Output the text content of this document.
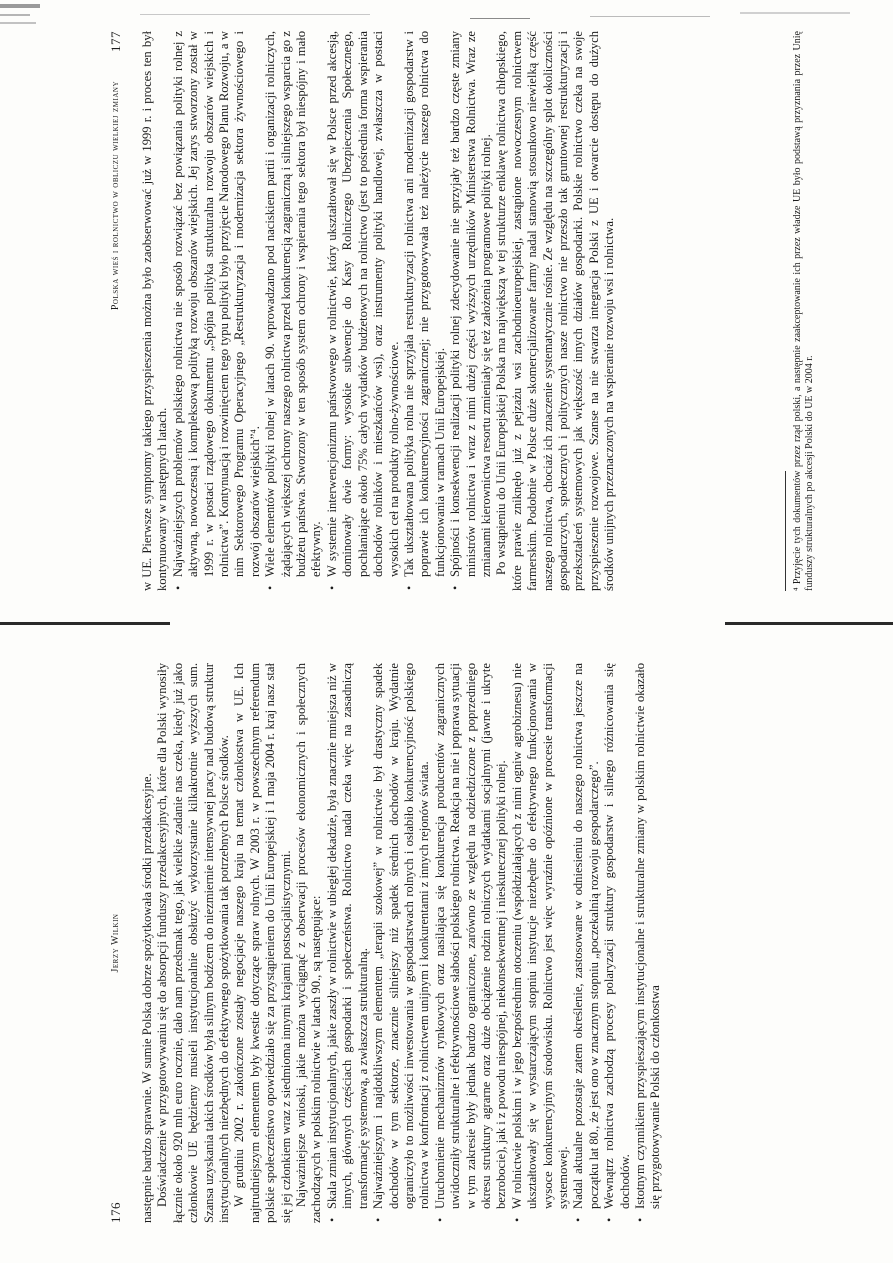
176
Jerzy Wilkin następnie bardzo sprawnie. W sumie Polska dobrze spożytkowała środki przedakcesyjne. Doświadczenie w przygotowywaniu się do absorpcji funduszy przedakcesyjnych, które dla Polski wynosiły łącznie około 920 mln euro rocznie, dało nam przedsmak tego, jak wielkie zadanie nas czeka, kiedy już jako członkowie UE będziemy musieli instytucjonalnie obsłużyć wykorzystanie kilkakrotnie wyższych sum. Szansa uzyskania takich środków była silnym bodźcem do niezmiernie intensywnej pracy nad budową struktur instytucjonalnych niezbędnych do efektywnego spożytkowania tak potrzebnych Polsce środków. W grudniu 2002 r. zakończone zostały negocjacje naszego kraju na temat członkostwa w UE. Ich najtrudniejszym elementem były kwestie dotyczące spraw rolnych. W 2003 r. w powszechnym referendum polskie społeczeństwo opowiedziało się za przystąpieniem do Unii Europejskiej i 1 maja 2004 r. kraj nasz stał się jej członkiem wraz z siedmioma innymi krajami postsocjalistycznymi. Najważniejsze wnioski, jakie można wyciągnąć z obserwacji procesów ekonomicznych i społecznych zachodzących w polskim rolnictwie w latach 90., są następujące: • Skala zmian instytucjonalnych, jakie zaszły w rolnictwie w ubiegłej dekadzie, była znacznie mniejsza niż w innych, głównych częściach gospodarki i społeczeństwa. Rolnictwo nadal czeka więc na zasadniczą transformację systemową, a zwłaszcza strukturalną. • Najważniejszym i najdotkliwszym elementem „terapii szokowej” w rolnictwie był drastyczny spadek dochodów w tym sektorze, znacznie silniejszy niż spadek średnich dochodów w kraju. Wydatnie ograniczyło to możliwości inwestowania w gospodarstwach rolnych i osłabiło konkurencyjność polskiego rolnictwa w konfrontacji z rolnictwem unijnym i konkurentami z innych rejonów świata. • Uruchomienie mechanizmów rynkowych oraz nasilająca się konkurencja producentów zagranicznych uwidoczniły strukturalne i efektywnościowe słabości polskiego rolnictwa. Reakcja na nie i poprawa sytuacji w tym zakresie były jednak bardzo ograniczone, zarówno ze względu na odziedziczone z poprzedniego okresu struktury agrarne oraz duże obciążenie rodzin rolniczych wydatkami socjalnymi (jawne i ukryte bezrobocie), jak i z powodu niespójnej, niekonsekwentnej i nieskutecznej polityki rolnej. • W rolnictwie polskim i w jego bezpośrednim otoczeniu (współdziałających z nimi ogniw agrobiznesu) nie ukształtowały się w wystarczającym stopniu instytucje niezbędne do efektywnego funkcjonowania w wysoce konkurencyjnym środowisku. Rolnictwo jest więc wyraźnie opóźnione w procesie transformacji systemowej. • Nadal aktualne pozostaje zatem określenie, zastosowane w odniesieniu do naszego rolnictwa jeszcze na początku lat 80., że jest ono w znacznym stopniu „poczekalnią rozwoju gospodarczego”. • Wewnątrz rolnictwa zachodzą procesy polaryzacji struktury gospodarstw i silnego różnicowania się dochodów. • Istotnym czynnikiem przyspieszającym instytucjonalne i strukturalne zmiany w polskim rolnictwie okazało się przygotowywanie Polski do członkostwa
Polska wieś i rolnictwo w obliczu wielkiej zmiany
177 w UE. Pierwsze symptomy takiego przyspieszenia można było zaobserwować już w 1999 r. i proces ten był kontynuowany w następnych latach. • Najważniejszych problemów polskiego rolnictwa nie sposób rozwiązać bez powiązania polityki rolnej z aktywną, nowoczesną i kompleksową polityką rozwoju obszarów wiejskich. Jej zarys stworzony został w 1999 r. w postaci rządowego dokumentu „Spójna polityka strukturalna rozwoju obszarów wiejskich i rolnictwa”. Kontynuacją i rozwinięciem tego typu polityki było przyjęcie Narodowego Planu Rozwoju, a w nim Sektorowego Programu Operacyjnego „Restrukturyzacja i modernizacja sektora żywnościowego i rozwój obszarów wiejskich”⁴. • Wiele elementów polityki rolnej w latach 90. wprowadzano pod naciskiem partii i organizacji rolniczych, żądających większej ochrony naszego rolnictwa przed konkurencją zagraniczną i silniejszego wsparcia go z budżetu państwa. Stworzony w ten sposób system ochrony i wspierania tego sektora był niespójny i mało efektywny. • W systemie interwencjonizmu państwowego w rolnictwie, który ukształtował się w Polsce przed akcesją, dominowały dwie formy: wysokie subwencje do Kasy Rolniczego Ubezpieczenia Społecznego, pochłaniające około 75% całych wydatków budżetowych na rolnictwo (jest to pośrednia forma wspierania dochodów rolników i mieszkańców wsi), oraz instrumenty polityki handlowej, zwłaszcza w postaci wysokich ceł na produkty rolno-żywnościowe. • Tak ukształtowana polityka rolna nie sprzyjała restrukturyzacji rolnictwa ani modernizacji gospodarstw i poprawie ich konkurencyjności zagranicznej; nie przygotowywała też należycie naszego rolnictwa do funkcjonowania w ramach Unii Europejskiej. • Spójności i konsekwencji realizacji polityki rolnej zdecydowanie nie sprzyjały też bardzo częste zmiany ministrów rolnictwa i wraz z nimi dużej części wyższych urzędników Ministerstwa Rolnictwa. Wraz ze zmianami kierownictwa resortu zmieniały się też założenia programowe polityki rolnej. Po wstąpieniu do Unii Europejskiej Polska ma największą w tej strukturze enklawę rolnictwa chłopskiego, które prawie zniknęło już z pejzażu wsi zachodnioeuropejskiej, zastąpione nowoczesnym rolnictwem farmerskim. Podobnie w Polsce duże skomercjalizowane farmy nadal stanowią stosunkowo niewielką część naszego rolnictwa, chociaż ich znaczenie systematycznie rośnie. Ze względu na szczególny splot okoliczności gospodarczych, społecznych i politycznych nasze rolnictwo nie przeszło tak gruntownej restrukturyzacji i przekształceń systemowych jak większość innych działów gospodarki. Polskie rolnictwo czeka na swoje przyspieszenie rozwojowe. Szanse na nie stwarza integracja Polski z UE i otwarcie dostępu do dużych środków unijnych przeznaczonych na wspieranie rozwoju wsi i rolnictwa.	⁴ Przyjęcie tych dokumentów przez rząd polski, a następnie zaakceptowanie ich przez władze UE było podstawą przyznania przez Unię funduszy strukturalnych po akcesji Polski do UE w 2004 r.
